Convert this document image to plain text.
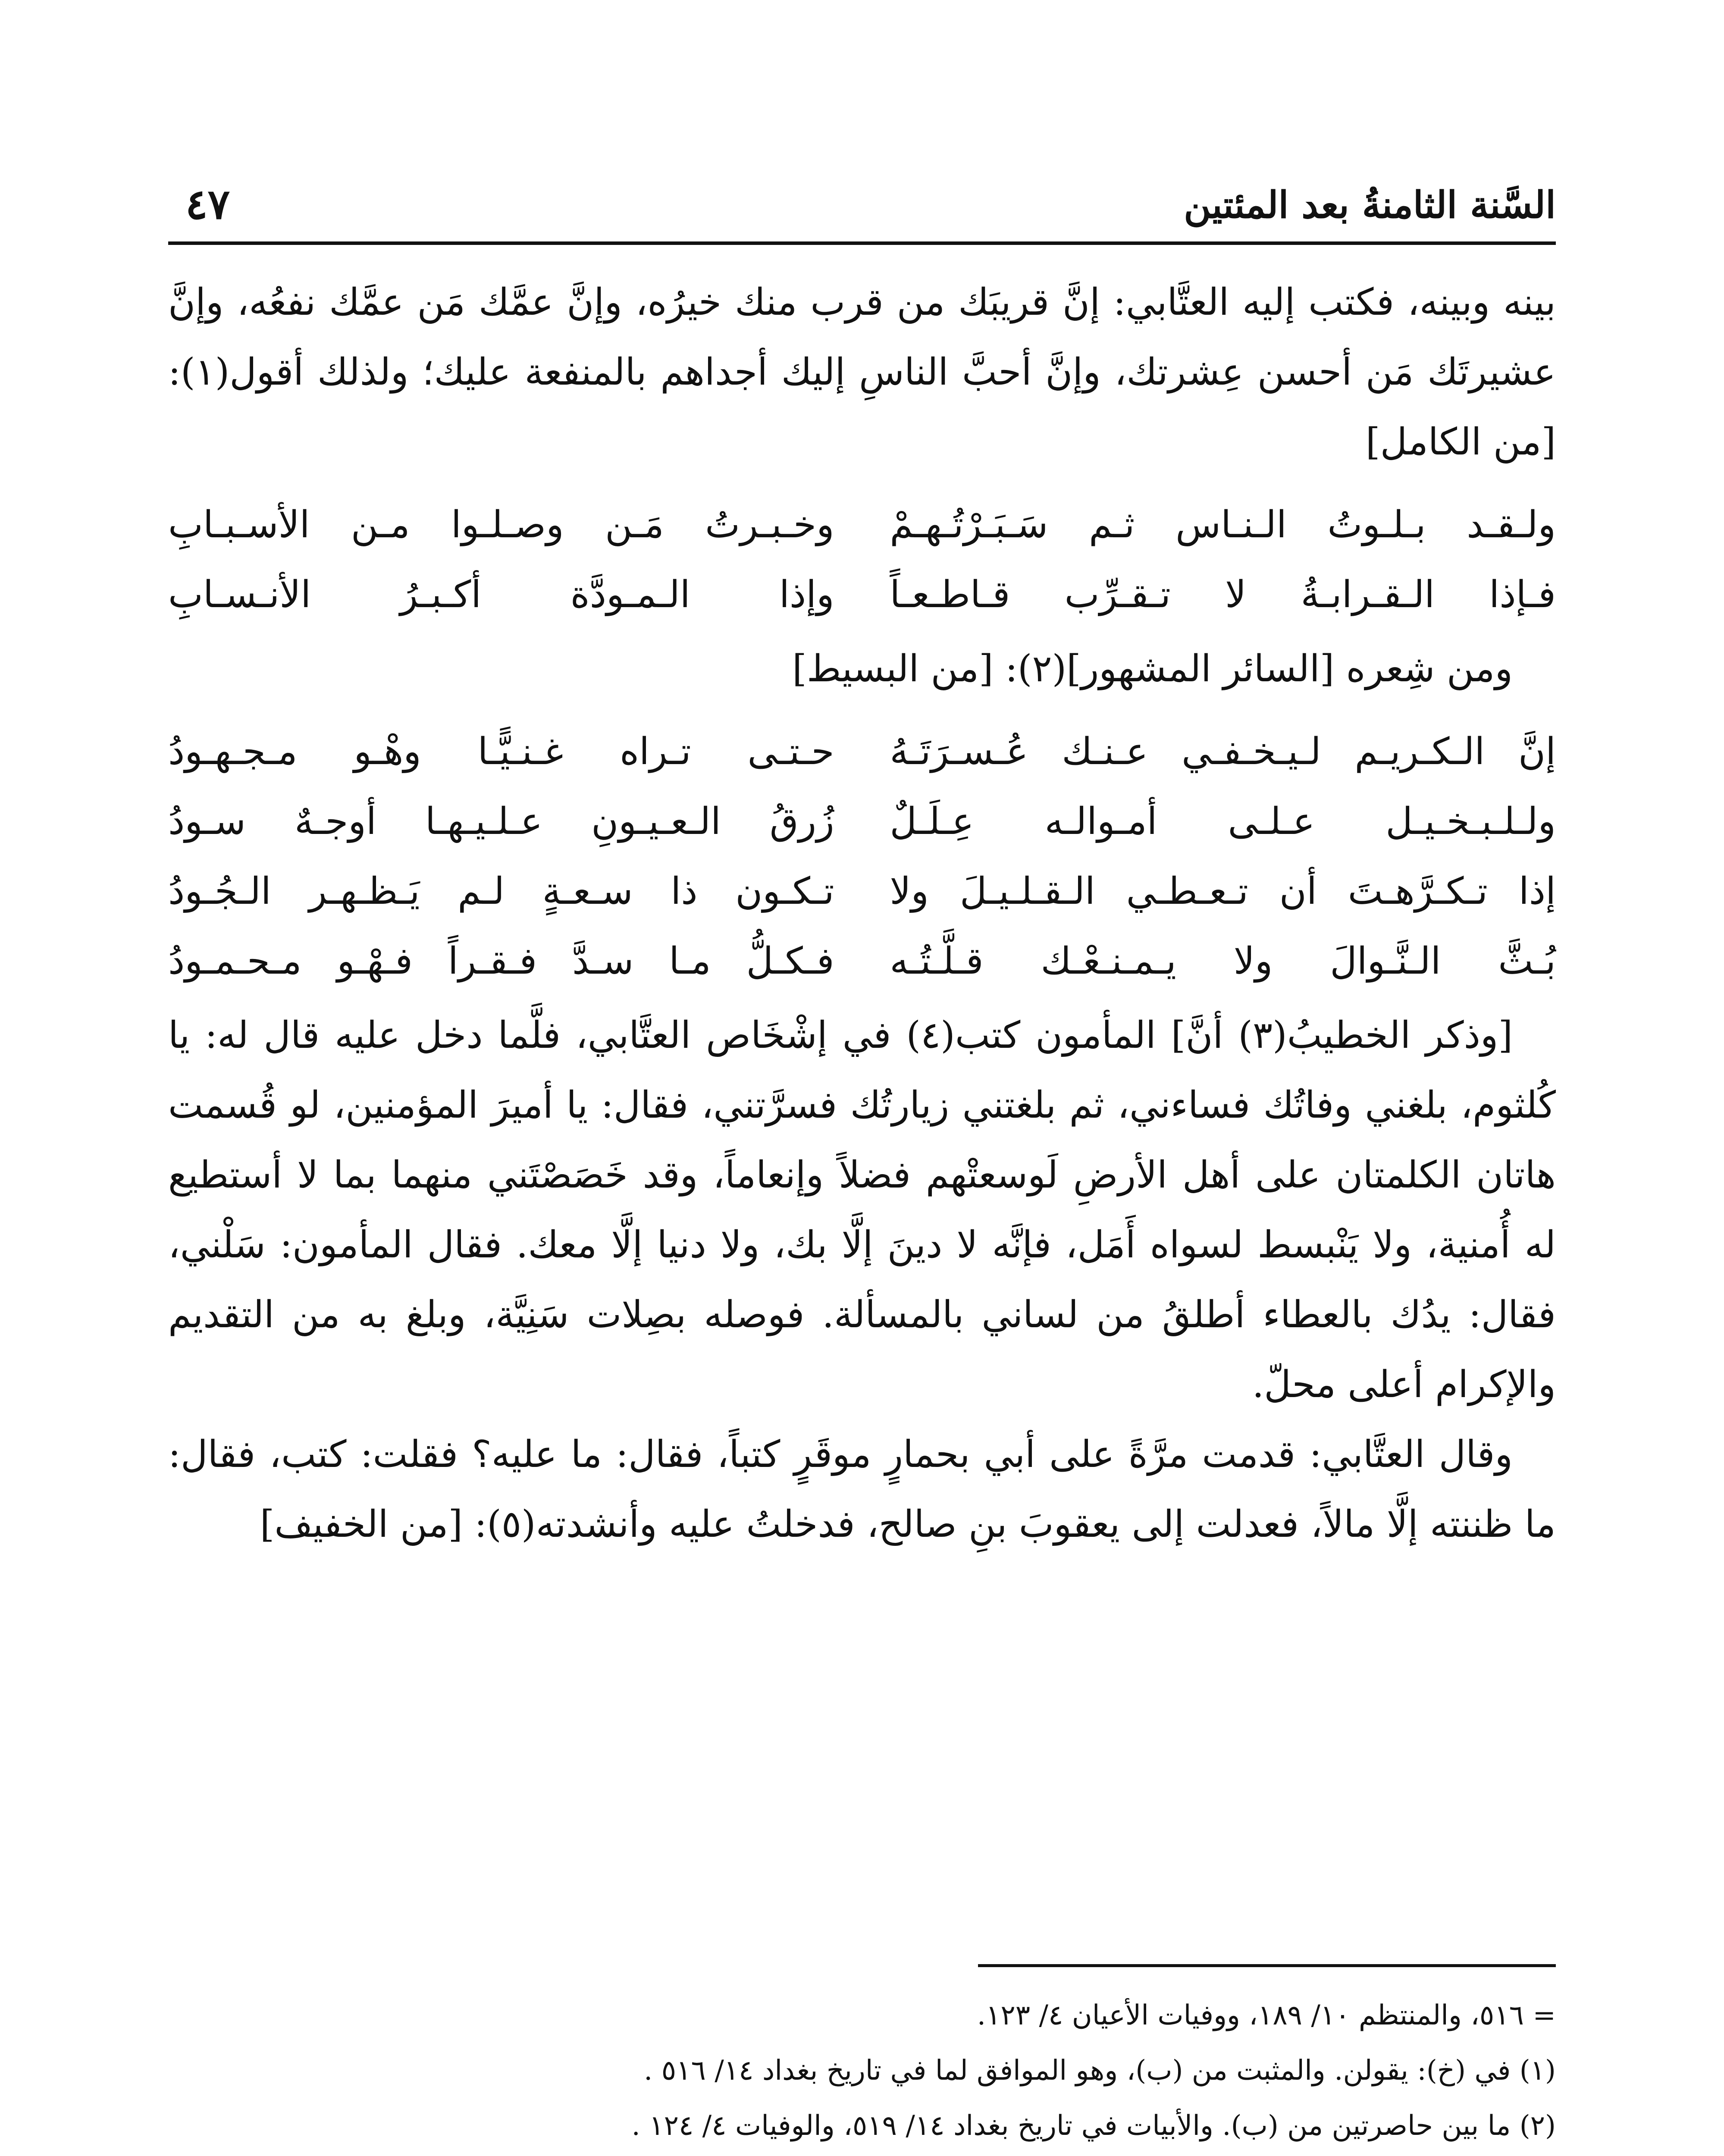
السَّنة الثامنةُ بعد المئتين
٤٧

بينه وبينه، فكتب إليه العتَّابي: إنَّ قريبَك من قرب منك خيرُه، وإنَّ عمَّك مَن عمَّك نفعُه، وإنَّ عشيرتَك مَن أحسن عِشرتك، وإنَّ أحبَّ الناسِ إليك أجداهم بالمنفعة عليك؛ ولذلك أقول(١): [من الكامل]

ولـقـد بـلـوتُ الـنـاس ثـم سَـبَـرْتُـهـمْ
وخـبـرتُ مَـن وصـلـوا مـن الأسـبـابِ
فـإذا الـقـرابـةُ لا تـقـرِّب قـاطـعـاً
وإذا الـمـودَّة أكـبـرُ الأنـسـابِ

ومن شِعره [السائر المشهور](٢): [من البسيط]

إنَّ الـكـريـم لـيـخـفـي عـنـك عُـسـرَتَـهُ
حـتـى تـراه غـنـيًّـا وهْـو مـجـهـودُ
ولـلـبـخـيـل عـلـى أمـوالـه عِـلَـلٌ
زُرقُ الـعـيـونِ عـلـيـهـا أوجـهٌ سـودُ
إذا تـكـرَّهـتَ أن تـعـطـي الـقـلـيـلَ ولا
تـكـون ذا سـعـةٍ لـم يَـظـهـر الـجُـودُ
بُـثَّ الـنَّـوالَ ولا يـمـنـعْـك قـلَّـتُـه
فـكـلُّ مـا سـدَّ فـقـراً فـهْـو مـحـمـودُ

[وذكر الخطيبُ(٣) أنَّ] المأمون كتب(٤) في إشْخَاص العتَّابي، فلَّما دخل عليه قال له: يا كُلثوم، بلغني وفاتُك فساءني، ثم بلغتني زيارتُك فسرَّتني، فقال: يا أميرَ المؤمنين، لو قُسمت هاتان الكلمتان على أهل الأرضِ لَوسعتْهم فضلاً وإنعاماً، وقد خَصَصْتَني منهما بما لا أستطيع له أُمنية، ولا يَنْبسط لسواه أَمَل، فإنَّه لا دينَ إلَّا بك، ولا دنيا إلَّا معك. فقال المأمون: سَلْني، فقال: يدُك بالعطاء أطلقُ من لساني بالمسألة. فوصله بصِلات سَنِيَّة، وبلغ به من التقديم والإكرام أعلى محلّ.

وقال العتَّابي: قدمت مرَّةً على أبي بحمارٍ موقَرٍ كتباً، فقال: ما عليه؟ فقلت: كتب، فقال: ما ظننته إلَّا مالاً، فعدلت إلى يعقوبَ بنِ صالح، فدخلتُ عليه وأنشدته(٥): [من الخفيف]

= ٥١٦، والمنتظم ١٠/ ١٨٩، ووفيات الأعيان ٤/ ١٢٣.

(١) في (خ): يقولن. والمثبت من (ب)، وهو الموافق لما في تاريخ بغداد ١٤/ ٥١٦ .

(٢) ما بين حاصرتين من (ب). والأبيات في تاريخ بغداد ١٤/ ٥١٩، والوفيات ٤/ ١٢٤ .
